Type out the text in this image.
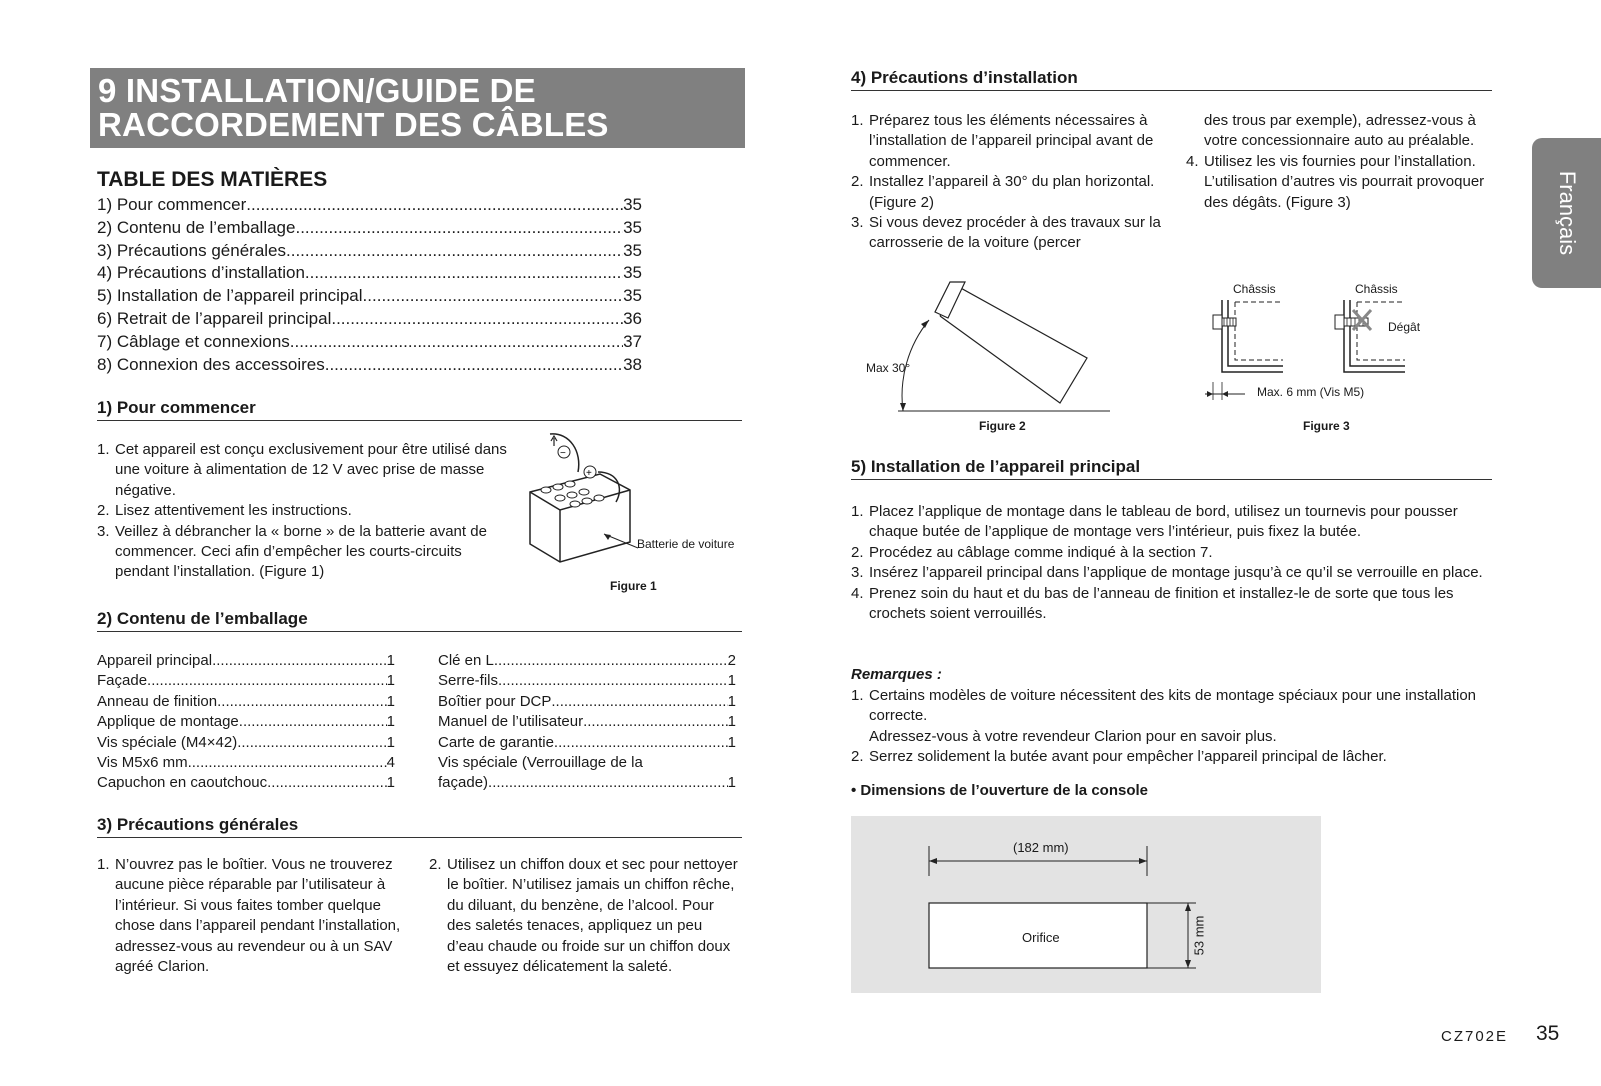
9 INSTALLATION/GUIDE DE
RACCORDEMENT DES CÂBLES
TABLE DES MATIÈRES
1) Pour commencer .....	35
2) Contenu de l’emballage .....	35
3) Précautions générales .....	35
4) Précautions d’installation .....	35
5) Installation de l’appareil principal .....	35
6) Retrait de l’appareil principal .....	36
7) Câblage et connexions .....	37
8) Connexion des accessoires .....	38
1) Pour commencer
1. Cet appareil est conçu exclusivement pour être utilisé dans une voiture à alimentation de 12 V avec prise de masse négative.
2. Lisez attentivement les instructions.
3. Veillez à débrancher la « borne » de la batterie avant de commencer. Ceci afin d’empêcher les courts-circuits pendant l’installation. (Figure 1)
−
+
Batterie de voiture
Figure 1
2) Contenu de l’emballage
Appareil principal .....	1
Façade .....	1
Anneau de finition .....	1
Applique de montage .....	1
Vis spéciale (M4×42) .....	1
Vis M5x6 mm .....	4
Capuchon en caoutchouc .....	1
Clé en L .....	2
Serre-fils .....	1
Boîtier pour DCP .....	1
Manuel de l’utilisateur .....	1
Carte de garantie .....	1
Vis spéciale (Verrouillage de la
façade) .....	1
3) Précautions générales
1. N’ouvrez pas le boîtier. Vous ne trouverez aucune pièce réparable par l’utilisateur à l’intérieur. Si vous faites tomber quelque chose dans l’appareil pendant l’installation, adressez-vous au revendeur ou à un SAV agréé Clarion.
2. Utilisez un chiffon doux et sec pour nettoyer le boîtier. N’utilisez jamais un chiffon rêche, du diluant, du benzène, de l’alcool. Pour des saletés tenaces, appliquez un peu d’eau chaude ou froide sur un chiffon doux et essuyez délicatement la saleté.
4) Précautions d’installation
1. Préparez tous les éléments nécessaires à l’installation de l’appareil principal avant de commencer.
2. Installez l’appareil à 30° du plan horizontal. (Figure 2)
3. Si vous devez procéder à des travaux sur la carrosserie de la voiture (percer
des trous par exemple), adressez-vous à votre concessionnaire auto au préalable.
4. Utilisez les vis fournies pour l’installation.
L’utilisation d’autres vis pourrait provoquer des dégâts. (Figure 3)
Max 30°
Figure 2
Châssis	Châssis
Dégât
Max. 6 mm (Vis M5)
Figure 3
5) Installation de l’appareil principal
1. Placez l’applique de montage dans le tableau de bord, utilisez un tournevis pour pousser chaque butée de l’applique de montage vers l’intérieur, puis fixez la butée.
2. Procédez au câblage comme indiqué à la section 7.
3. Insérez l’appareil principal dans l’applique de montage jusqu’à ce qu’il se verrouille en place.
4. Prenez soin du haut et du bas de l’anneau de finition et installez-le de sorte que tous les crochets soient verrouillés.
Remarques :
1. Certains modèles de voiture nécessitent des kits de montage spéciaux pour une installation correcte.
Adressez-vous à votre revendeur Clarion pour en savoir plus.
2. Serrez solidement la butée avant pour empêcher l’appareil principal de lâcher.
• Dimensions de l’ouverture de la console
(182 mm)
Orifice	53 mm
Français
CZ702E 35
